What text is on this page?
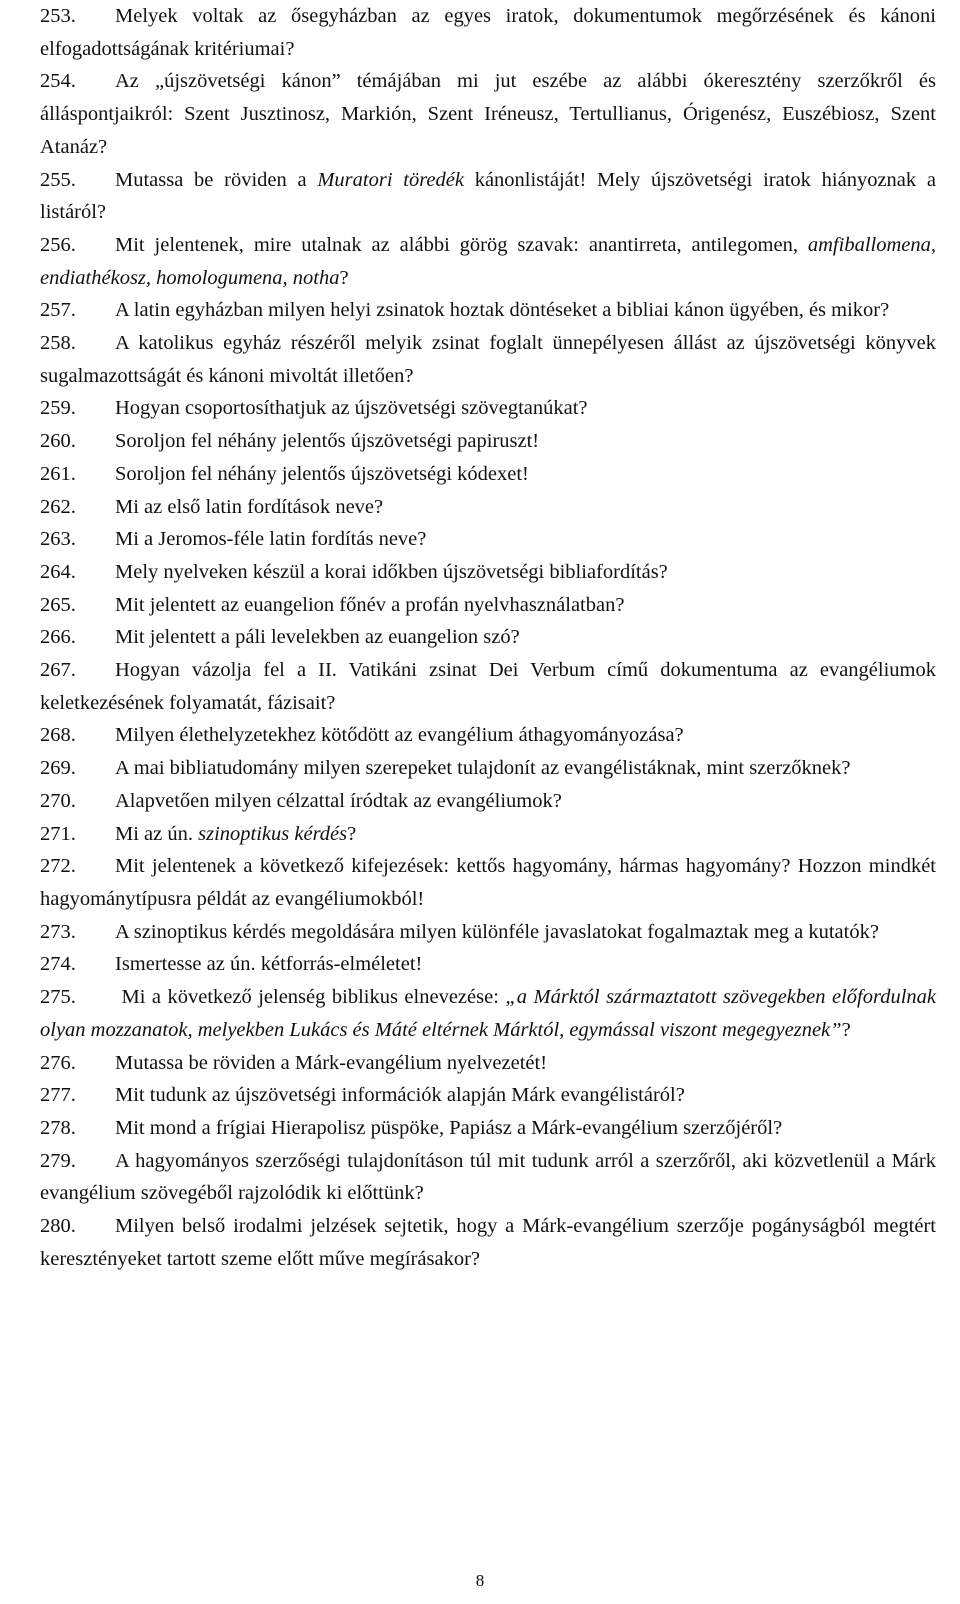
253. Melyek voltak az ősegyházban az egyes iratok, dokumentumok megőrzésének és kánoni elfogadottságának kritériumai?
254. Az „újszövetségi kánon” témájában mi jut eszébe az alábbi ókeresztény szerzőkről és álláspontjaikról: Szent Jusztinosz, Markión, Szent Iréneusz, Tertullianus, Órigenész, Euszébiosz, Szent Atanáz?
255. Mutassa be röviden a Muratori töredék kánonlistáját! Mely újszövetségi iratok hiányoznak a listáról?
256. Mit jelentenek, mire utalnak az alábbi görög szavak: anantirreta, antilegomen, amfiballomena, endiathékosz, homologumena, notha?
257. A latin egyházban milyen helyi zsinatok hoztak döntéseket a bibliai kánon ügyében, és mikor?
258. A katolikus egyház részéről melyik zsinat foglalt ünnepélyesen állást az újszövetségi könyvek sugalmazottságát és kánoni mivoltát illetően?
259. Hogyan csoportosíthatjuk az újszövetségi szövegtanúkat?
260. Soroljon fel néhány jelentős újszövetségi papiruszt!
261. Soroljon fel néhány jelentős újszövetségi kódexet!
262. Mi az első latin fordítások neve?
263. Mi a Jeromos-féle latin fordítás neve?
264. Mely nyelveken készül a korai időkben újszövetségi bibliafordítás?
265. Mit jelentett az euangelion főnév a profán nyelvhasználatban?
266. Mit jelentett a páli levelekben az euangelion szó?
267. Hogyan vázolja fel a II. Vatikáni zsinat Dei Verbum című dokumentuma az evangéliumok keletkezésének folyamatát, fázisait?
268. Milyen élethelyzetekhez kötődött az evangélium áthagyományozása?
269. A mai bibliatudomány milyen szerepeket tulajdonít az evangélistáknak, mint szerzőknek?
270. Alapvetően milyen célzattal íródtak az evangéliumok?
271. Mi az ún. szinoptikus kérdés?
272. Mit jelentenek a következő kifejezések: kettős hagyomány, hármas hagyomány? Hozzon mindkét hagyománytípusra példát az evangéliumokból!
273. A szinoptikus kérdés megoldására milyen különféle javaslatokat fogalmaztak meg a kutatók?
274. Ismertesse az ún. kétforrás-elméletet!
275. Mi a következő jelenség biblikus elnevezése: „a Márktól származtatott szövegekben előfordulnak olyan mozzanatok, melyekben Lukács és Máté eltérnek Márktól, egymással viszont megegyeznek”?
276. Mutassa be röviden a Márk-evangélium nyelvezetét!
277. Mit tudunk az újszövetségi információk alapján Márk evangélistáról?
278. Mit mond a frígiai Hierapolisz püspöke, Papiász a Márk-evangélium szerzőjéről?
279. A hagyományos szerzőségi tulajdonításon túl mit tudunk arról a szerzőről, aki közvetlenül a Márk evangélium szövegéből rajzolódik ki előttünk?
280. Milyen belső irodalmi jelzések sejtetik, hogy a Márk-evangélium szerzője pogányságból megtért keresztényeket tartott szeme előtt műve megírásakor?
8
